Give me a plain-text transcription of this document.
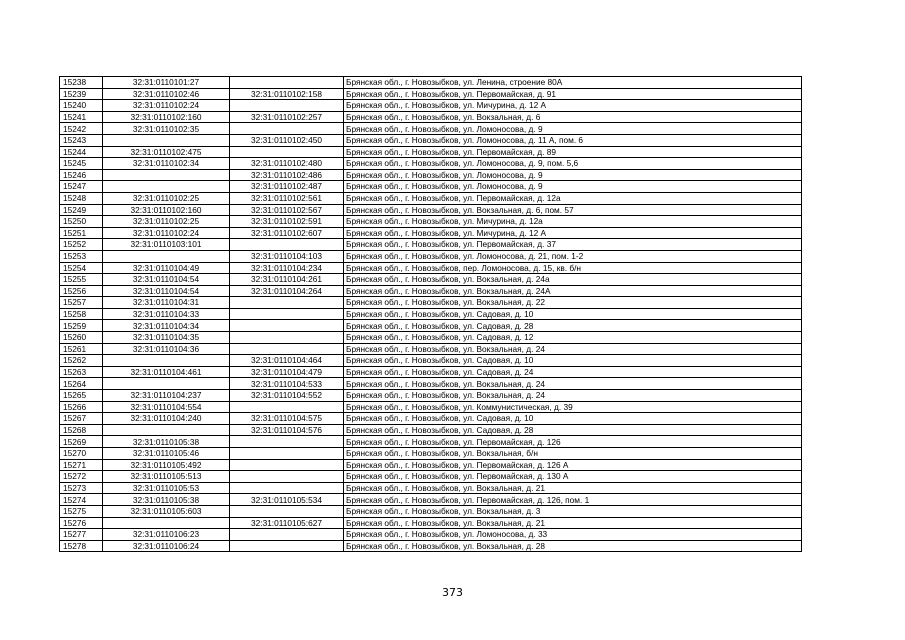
15238	32:31:0110101:27		Брянская обл., г. Новозыбков, ул. Ленина, строение 80А
15239	32:31:0110102:46	32:31:0110102:158	Брянская обл., г. Новозыбков, ул. Первомайская, д. 91
15240	32:31:0110102:24		Брянская обл., г. Новозыбков, ул. Мичурина, д. 12 А
15241	32:31:0110102:160	32:31:0110102:257	Брянская обл., г. Новозыбков, ул. Вокзальная, д. 6
15242	32:31:0110102:35		Брянская обл., г. Новозыбков, ул. Ломоносова, д. 9
15243		32:31:0110102:450	Брянская обл., г. Новозыбков, ул. Ломоносова, д. 11 А, пом. 6
15244	32:31:0110102:475		Брянская обл., г. Новозыбков, ул. Первомайская, д. 89
15245	32:31:0110102:34	32:31:0110102:480	Брянская обл., г. Новозыбков, ул. Ломоносова, д. 9, пом. 5,6
15246		32:31:0110102:486	Брянская обл., г. Новозыбков, ул. Ломоносова, д. 9
15247		32:31:0110102:487	Брянская обл., г. Новозыбков, ул. Ломоносова, д. 9
15248	32:31:0110102:25	32:31:0110102:561	Брянская обл., г. Новозыбков, ул. Первомайская, д. 12а
15249	32:31:0110102:160	32:31:0110102:567	Брянская обл., г. Новозыбков, ул. Вокзальная, д. 6, пом. 57
15250	32:31:0110102:25	32:31:0110102:591	Брянская обл., г. Новозыбков, ул. Мичурина, д. 12а
15251	32:31:0110102:24	32:31:0110102:607	Брянская обл., г. Новозыбков, ул. Мичурина, д. 12 А
15252	32:31:0110103:101		Брянская обл., г. Новозыбков, ул. Первомайская, д. 37
15253		32:31:0110104:103	Брянская обл., г. Новозыбков, ул. Ломоносова, д. 21, пом. 1-2
15254	32:31:0110104:49	32:31:0110104:234	Брянская обл., г. Новозыбков, пер. Ломоносова, д. 15, кв. б/н
15255	32:31:0110104:54	32:31:0110104:261	Брянская обл., г. Новозыбков, ул. Вокзальная, д. 24а
15256	32:31:0110104:54	32:31:0110104:264	Брянская обл., г. Новозыбков, ул. Вокзальная, д. 24А
15257	32:31:0110104:31		Брянская обл., г. Новозыбков, ул. Вокзальная, д. 22
15258	32:31:0110104:33		Брянская обл., г. Новозыбков, ул. Садовая, д. 10
15259	32:31:0110104:34		Брянская обл., г. Новозыбков, ул. Садовая, д. 28
15260	32:31:0110104:35		Брянская обл., г. Новозыбков, ул. Садовая, д. 12
15261	32:31:0110104:36		Брянская обл., г. Новозыбков, ул. Вокзальная, д. 24
15262		32:31:0110104:464	Брянская обл., г. Новозыбков, ул. Садовая, д. 10
15263	32:31:0110104:461	32:31:0110104:479	Брянская обл., г. Новозыбков, ул. Садовая, д. 24
15264		32:31:0110104:533	Брянская обл., г. Новозыбков, ул. Вокзальная, д. 24
15265	32:31:0110104:237	32:31:0110104:552	Брянская обл., г. Новозыбков, ул. Вокзальная, д. 24
15266	32:31:0110104:554		Брянская обл., г. Новозыбков, ул. Коммунистическая, д. 39
15267	32:31:0110104:240	32:31:0110104:575	Брянская обл., г. Новозыбков, ул. Садовая, д. 10
15268		32:31:0110104:576	Брянская обл., г. Новозыбков, ул. Садовая, д. 28
15269	32:31:0110105:38		Брянская обл., г. Новозыбков, ул. Первомайская, д. 126
15270	32:31:0110105:46		Брянская обл., г. Новозыбков, ул. Вокзальная, б/н
15271	32:31:0110105:492		Брянская обл., г. Новозыбков, ул. Первомайская, д. 126 А
15272	32:31:0110105:513		Брянская обл., г. Новозыбков, ул. Первомайская, д. 130 А
15273	32:31:0110105:53		Брянская обл., г. Новозыбков, ул. Вокзальная, д. 21
15274	32:31:0110105:38	32:31:0110105:534	Брянская обл., г. Новозыбков, ул. Первомайская, д. 126, пом. 1
15275	32:31:0110105:603		Брянская обл., г. Новозыбков, ул. Вокзальная, д. 3
15276		32:31:0110105:627	Брянская обл., г. Новозыбков, ул. Вокзальная, д. 21
15277	32:31:0110106:23		Брянская обл., г. Новозыбков, ул. Ломоносова, д. 33
15278	32:31:0110106:24		Брянская обл., г. Новозыбков, ул. Вокзальная, д. 28
373
